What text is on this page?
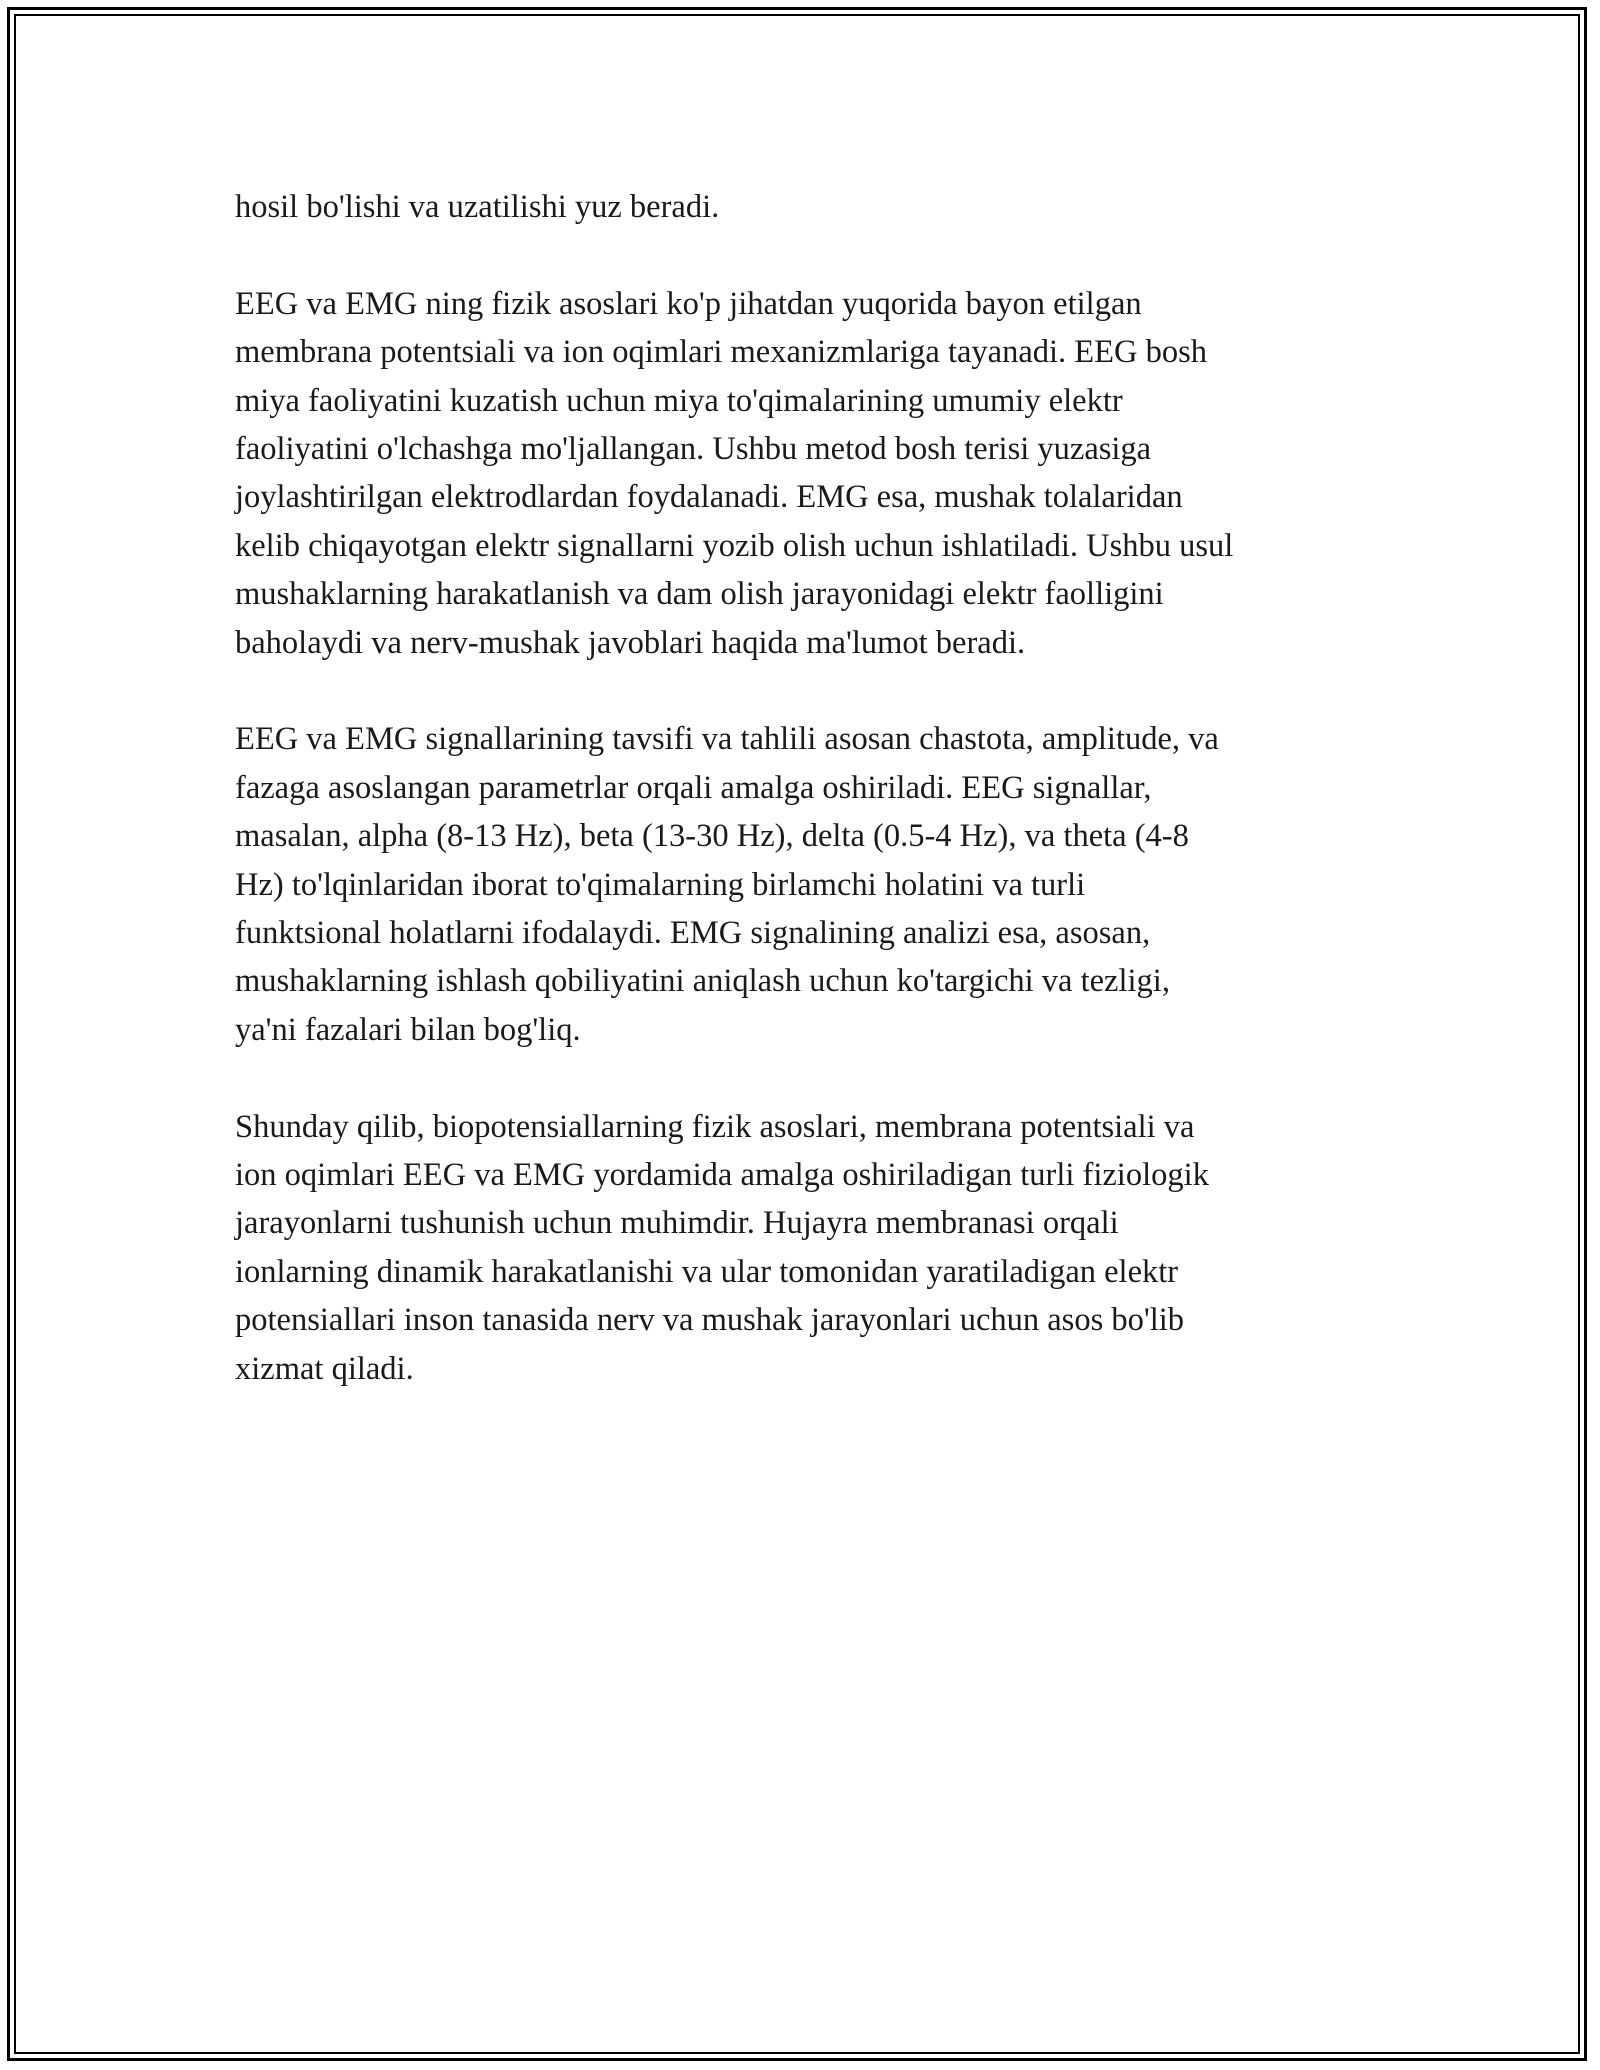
hosil bo'lishi va uzatilishi yuz beradi.

EEG va EMG ning fizik asoslari ko'p jihatdan yuqorida bayon etilgan
membrana potentsiali va ion oqimlari mexanizmlariga tayanadi. EEG bosh
miya faoliyatini kuzatish uchun miya to'qimalarining umumiy elektr
faoliyatini o'lchashga mo'ljallangan. Ushbu metod bosh terisi yuzasiga
joylashtirilgan elektrodlardan foydalanadi. EMG esa, mushak tolalaridan
kelib chiqayotgan elektr signallarni yozib olish uchun ishlatiladi. Ushbu usul
mushaklarning harakatlanish va dam olish jarayonidagi elektr faolligini
baholaydi va nerv-mushak javoblari haqida ma'lumot beradi.

EEG va EMG signallarining tavsifi va tahlili asosan chastota, amplitude, va
fazaga asoslangan parametrlar orqali amalga oshiriladi. EEG signallar,
masalan, alpha (8-13 Hz), beta (13-30 Hz), delta (0.5-4 Hz), va theta (4-8
Hz) to'lqinlaridan iborat to'qimalarning birlamchi holatini va turli
funktsional holatlarni ifodalaydi. EMG signalining analizi esa, asosan,
mushaklarning ishlash qobiliyatini aniqlash uchun ko'targichi va tezligi,
ya'ni fazalari bilan bog'liq.

Shunday qilib, biopotensiallarning fizik asoslari, membrana potentsiali va
ion oqimlari EEG va EMG yordamida amalga oshiriladigan turli fiziologik
jarayonlarni tushunish uchun muhimdir. Hujayra membranasi orqali
ionlarning dinamik harakatlanishi va ular tomonidan yaratiladigan elektr
potensiallari inson tanasida nerv va mushak jarayonlari uchun asos bo'lib
xizmat qiladi.
